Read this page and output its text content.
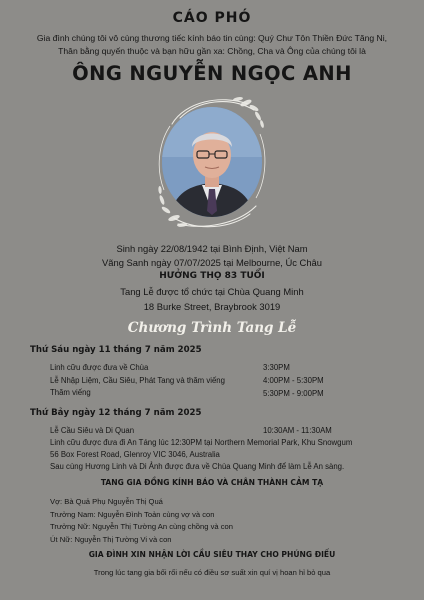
CÁO PHÓ
Gia đình chúng tôi vô cùng thương tiếc kính báo tin cùng: Quý Chư Tôn Thiền Đức Tăng Ni,
Thân bằng quyến thuộc và bạn hữu gần xa: Chồng, Cha và Ông của chúng tôi là
ÔNG NGUYỄN NGỌC ANH
Sinh ngày 22/08/1942 tại Bình Định, Việt Nam
Vãng Sanh ngày 07/07/2025 tại Melbourne, Úc Châu
HƯỞNG THỌ 83 TUỔI
Tang Lễ được tổ chức tại Chùa Quang Minh
18 Burke Street, Braybrook 3019
Chương Trình Tang Lễ
Thứ Sáu ngày 11 tháng 7 năm 2025
Linh cữu được đưa về Chùa	3:30PM
Lễ Nhập Liệm, Cầu Siêu, Phát Tang và thăm viếng	4:00PM - 5:30PM
Thăm viếng	5:30PM - 9:00PM
Thứ Bảy ngày 12 tháng 7 năm 2025
Lễ Cầu Siêu và Di Quan	10:30AM - 11:30AM
Linh cữu được đưa đi An Táng lúc 12:30PM tại Northern Memorial Park, Khu Snowgum
56 Box Forest Road, Glenroy VIC 3046, Australia
Sau cùng Hương Linh và Di Ảnh được đưa về Chùa Quang Minh để làm Lễ An sàng.
TANG GIA ĐỒNG KÍNH BÁO VÀ CHÂN THÀNH CẢM TẠ
Vợ: Bà Quả Phụ Nguyễn Thị Quá
Trưởng Nam: Nguyễn Đình Toản cùng vợ và con
Trưởng Nữ: Nguyễn Thị Tường An cùng chồng và con
Út Nữ: Nguyễn Thị Tường Vi và con
GIA ĐÌNH XIN NHẬN LỜI CẦU SIÊU THAY CHO PHÚNG ĐIẾU
Trong lúc tang gia bối rối nếu có điều sơ suất xin quí vị hoan hỉ bỏ qua
